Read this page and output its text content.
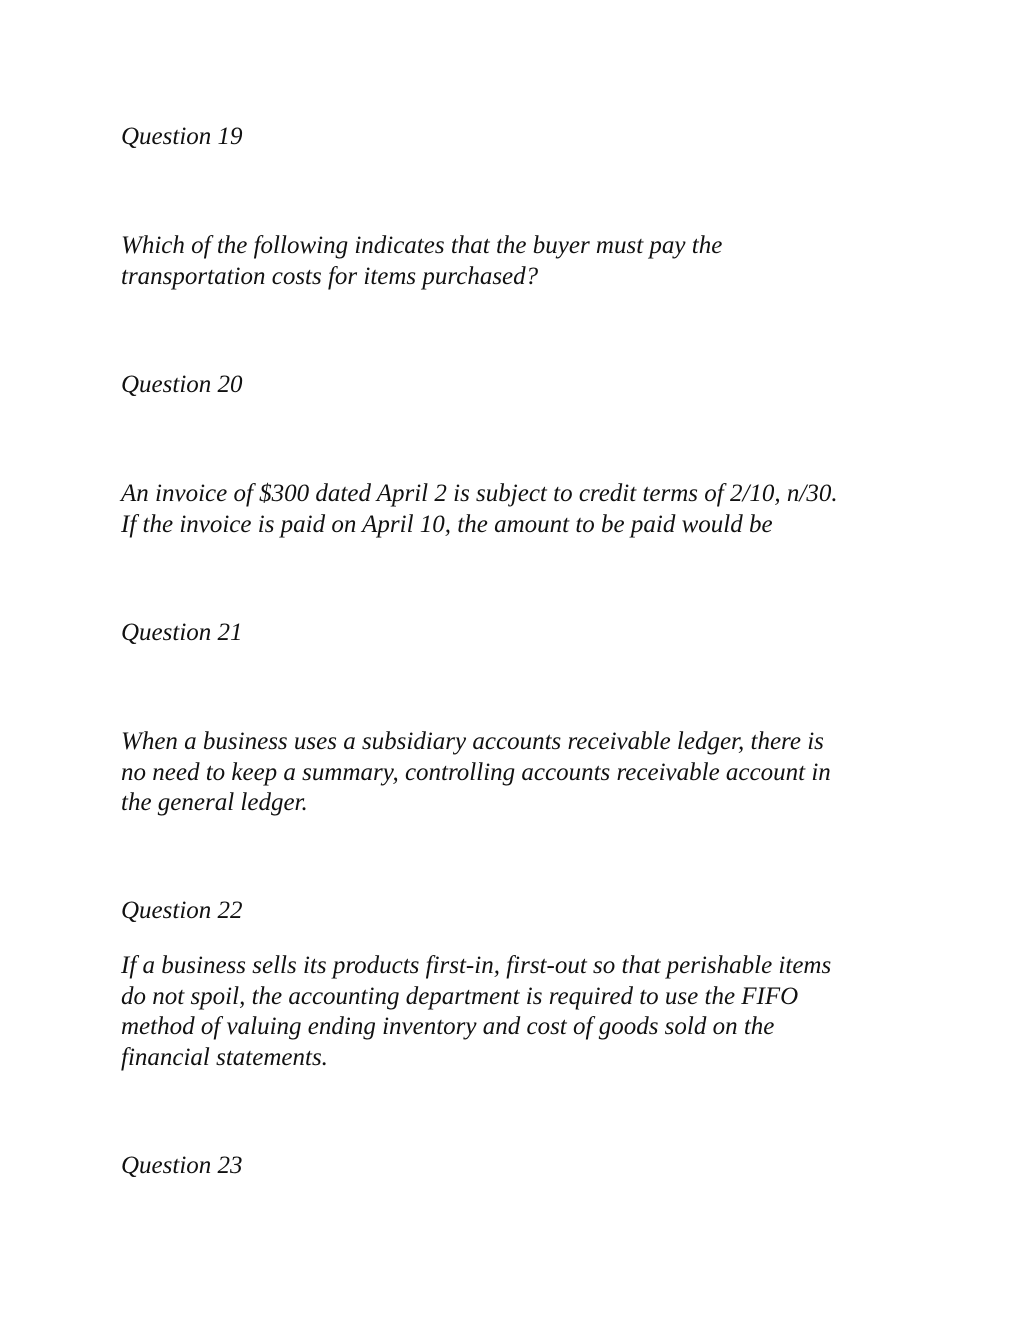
Question 19

Which of the following indicates that the buyer must pay the

transportation costs for items purchased?

Question 20

An invoice of $300 dated April 2 is subject to credit terms of 2/10, n/30.

If the invoice is paid on April 10, the amount to be paid would be

Question 21

When a business uses a subsidiary accounts receivable ledger, there is

no need to keep a summary, controlling accounts receivable account in

the general ledger.

Question 22

If a business sells its products first-in, first-out so that perishable items

do not spoil, the accounting department is required to use the FIFO

method of valuing ending inventory and cost of goods sold on the

financial statements.

Question 23
